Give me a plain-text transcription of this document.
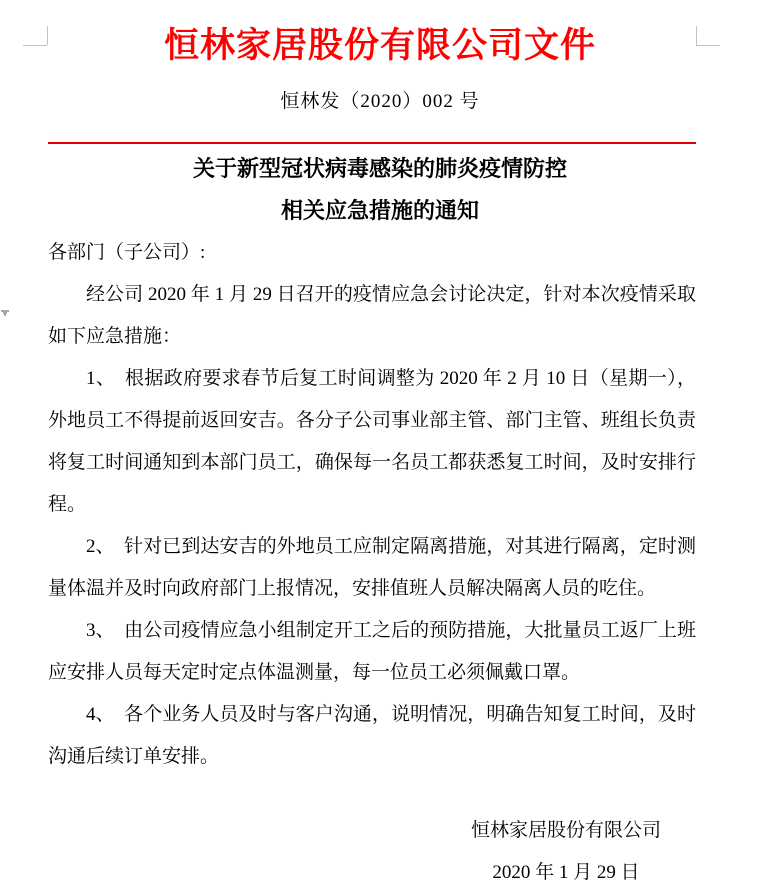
恒林家居股份有限公司文件
恒林发（2020）002 号
关于新型冠状病毒感染的肺炎疫情防控
相关应急措施的通知

各部门（子公司）:

经公司 2020 年 1 月 29 日召开的疫情应急会讨论决定，针对本次疫情采取如下应急措施：

1、　根据政府要求春节后复工时间调整为 2020 年 2 月 10 日（星期一），外地员工不得提前返回安吉。各分子公司事业部主管、部门主管、班组长负责将复工时间通知到本部门员工，确保每一名员工都获悉复工时间，及时安排行程。

2、　针对已到达安吉的外地员工应制定隔离措施，对其进行隔离，定时测量体温并及时向政府部门上报情况，安排值班人员解决隔离人员的吃住。

3、　由公司疫情应急小组制定开工之后的预防措施，大批量员工返厂上班应安排人员每天定时定点体温测量，每一位员工必须佩戴口罩。

4、　各个业务人员及时与客户沟通，说明情况，明确告知复工时间，及时沟通后续订单安排。

恒林家居股份有限公司
2020 年 1 月 29 日
